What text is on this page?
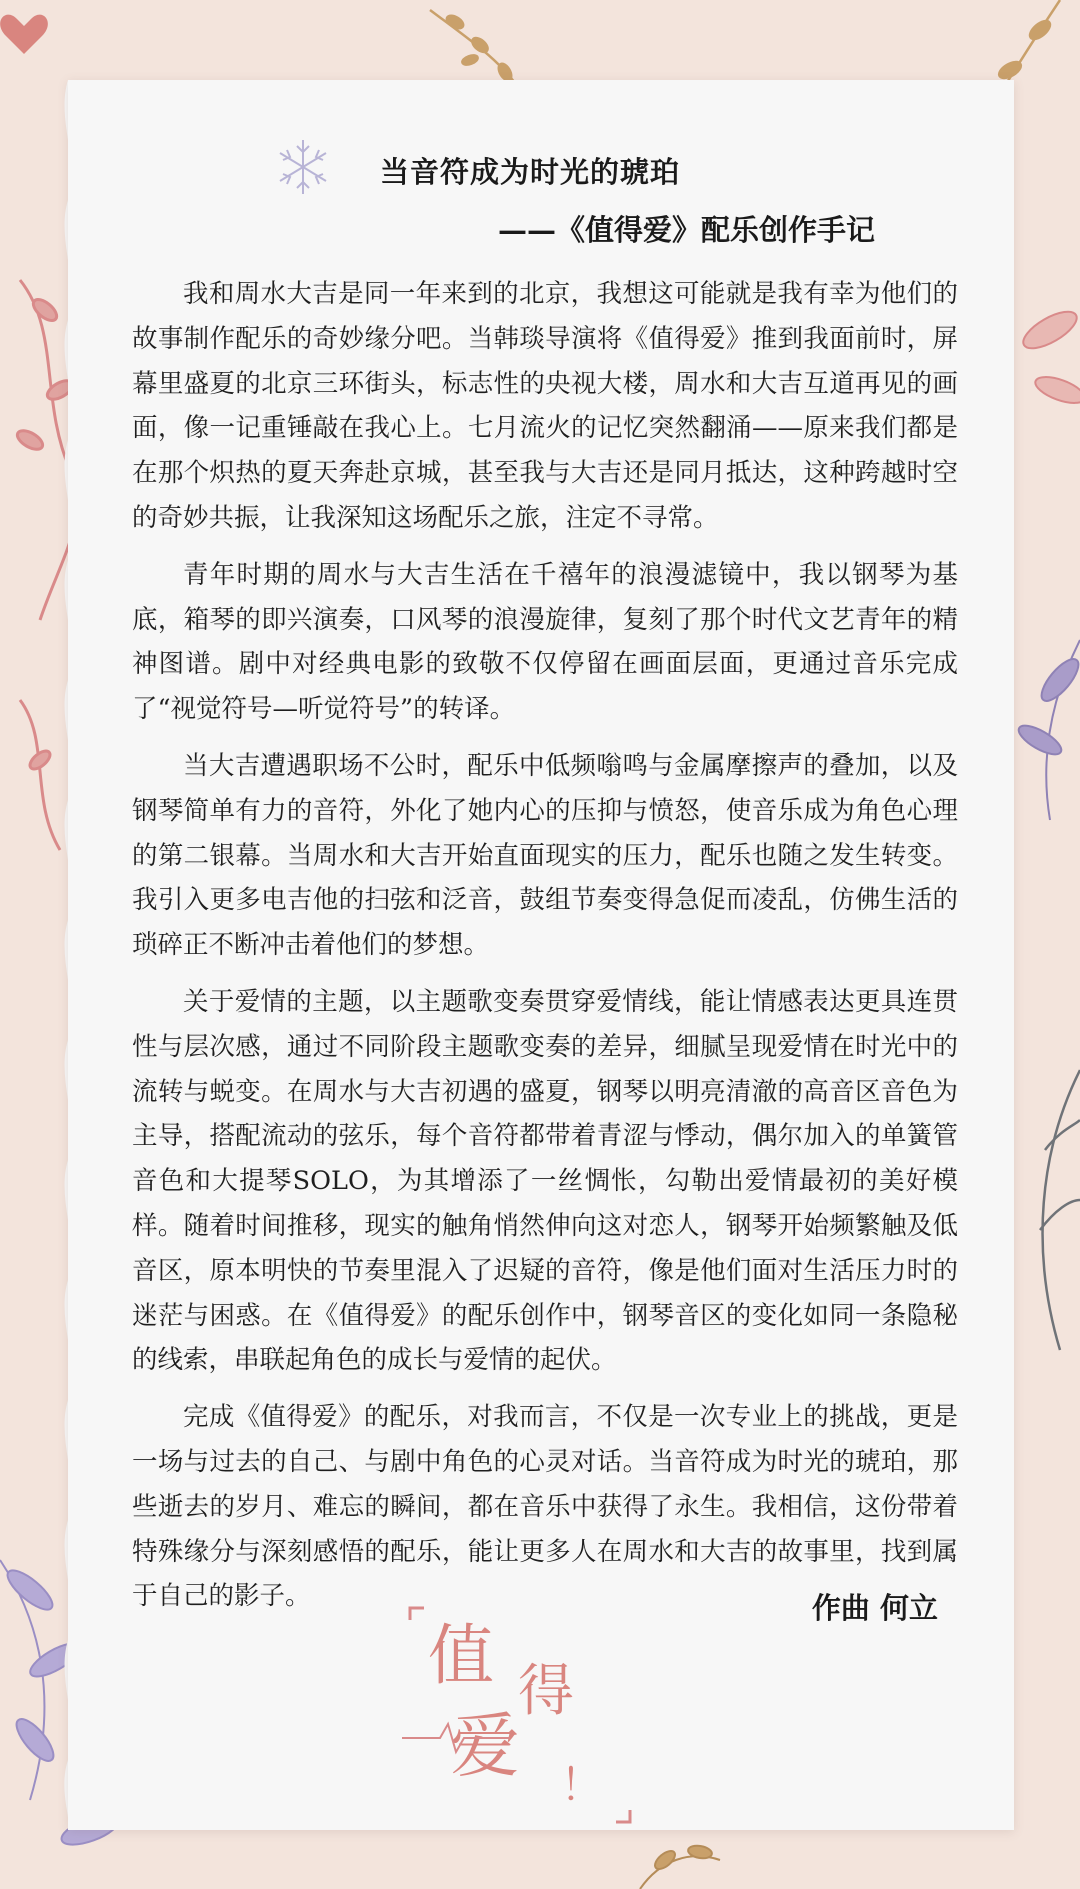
当音符成为时光的琥珀
——《值得爱》配乐创作手记

我和周水大吉是同一年来到的北京，我想这可能就是我有幸为他们的故事制作配乐的奇妙缘分吧。当韩琰导演将《值得爱》推到我面前时，屏幕里盛夏的北京三环街头，标志性的央视大楼，周水和大吉互道再见的画面，像一记重锤敲在我心上。七月流火的记忆突然翻涌——原来我们都是在那个炽热的夏天奔赴京城，甚至我与大吉还是同月抵达，这种跨越时空的奇妙共振，让我深知这场配乐之旅，注定不寻常。

青年时期的周水与大吉生活在千禧年的浪漫滤镜中，我以钢琴为基底，箱琴的即兴演奏，口风琴的浪漫旋律，复刻了那个时代文艺青年的精神图谱。剧中对经典电影的致敬不仅停留在画面层面，更通过音乐完成了“视觉符号—听觉符号”的转译。

当大吉遭遇职场不公时，配乐中低频嗡鸣与金属摩擦声的叠加，以及钢琴简单有力的音符，外化了她内心的压抑与愤怒，使音乐成为角色心理的第二银幕。当周水和大吉开始直面现实的压力，配乐也随之发生转变。我引入更多电吉他的扫弦和泛音，鼓组节奏变得急促而凌乱，仿佛生活的琐碎正不断冲击着他们的梦想。

关于爱情的主题，以主题歌变奏贯穿爱情线，能让情感表达更具连贯性与层次感，通过不同阶段主题歌变奏的差异，细腻呈现爱情在时光中的流转与蜕变。在周水与大吉初遇的盛夏，钢琴以明亮清澈的高音区音色为主导，搭配流动的弦乐，每个音符都带着青涩与悸动，偶尔加入的单簧管音色和大提琴SOLO，为其增添了一丝惆怅，勾勒出爱情最初的美好模样。随着时间推移，现实的触角悄然伸向这对恋人，钢琴开始频繁触及低音区，原本明快的节奏里混入了迟疑的音符，像是他们面对生活压力时的迷茫与困惑。在《值得爱》的配乐创作中，钢琴音区的变化如同一条隐秘的线索，串联起角色的成长与爱情的起伏。

完成《值得爱》的配乐，对我而言，不仅是一次专业上的挑战，更是一场与过去的自己、与剧中角色的心灵对话。当音符成为时光的琥珀，那些逝去的岁月、难忘的瞬间，都在音乐中获得了永生。我相信，这份带着特殊缘分与深刻感悟的配乐，能让更多人在周水和大吉的故事里，找到属于自己的影子。	作曲 何立

值 得
爱 ！
